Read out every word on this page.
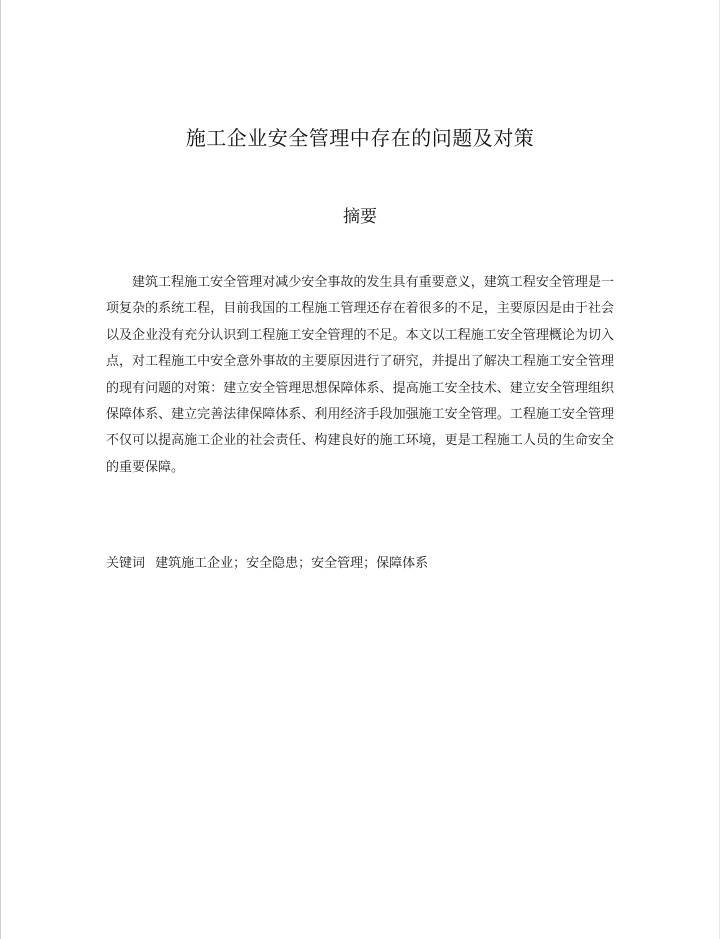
施工企业安全管理中存在的问题及对策
摘要

建筑工程施工安全管理对减少安全事故的发生具有重要意义，建筑工程安全管理是一项复杂的系统工程，目前我国的工程施工管理还存在着很多的不足，主要原因是由于社会以及企业没有充分认识到工程施工安全管理的不足。本文以工程施工安全管理概论为切入点，对工程施工中安全意外事故的主要原因进行了研究，并提出了解决工程施工安全管理的现有问题的对策：建立安全管理思想保障体系、提高施工安全技术、建立安全管理组织保障体系、建立完善法律保障体系、利用经济手段加强施工安全管理。工程施工安全管理不仅可以提高施工企业的社会责任、构建良好的施工环境，更是工程施工人员的生命安全的重要保障。

关键词 建筑施工企业；安全隐患；安全管理；保障体系
